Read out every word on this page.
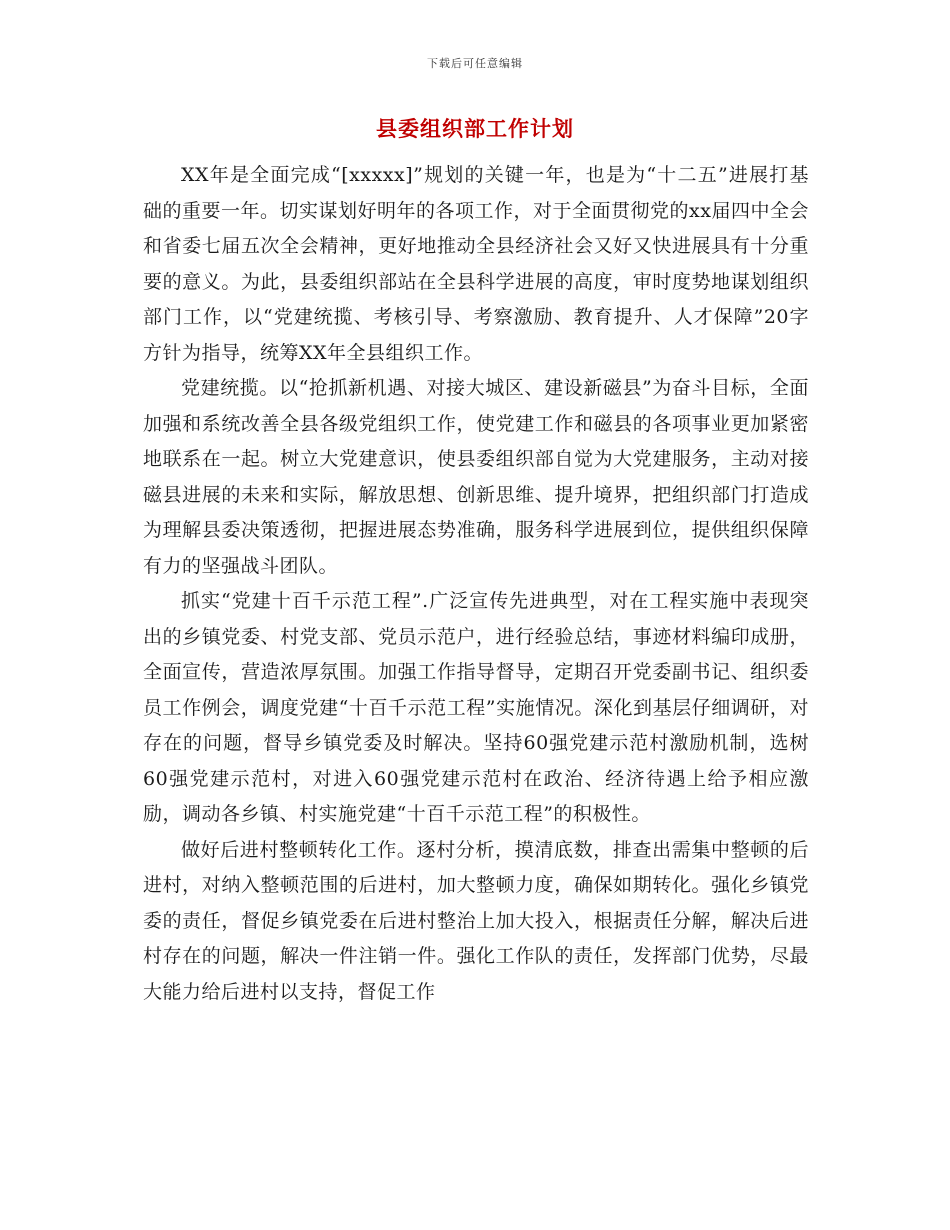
下载后可任意编辑
县委组织部工作计划

XX年是全面完成“[xxxxx]”规划的关键一年，也是为“十二五”进展打基础的重要一年。切实谋划好明年的各项工作，对于全面贯彻党的xx届四中全会和省委七届五次全会精神，更好地推动全县经济社会又好又快进展具有十分重要的意义。为此，县委组织部站在全县科学进展的高度，审时度势地谋划组织部门工作，以“党建统揽、考核引导、考察激励、教育提升、人才保障”20字方针为指导，统筹XX年全县组织工作。

党建统揽。以“抢抓新机遇、对接大城区、建设新磁县”为奋斗目标，全面加强和系统改善全县各级党组织工作，使党建工作和磁县的各项事业更加紧密地联系在一起。树立大党建意识，使县委组织部自觉为大党建服务，主动对接磁县进展的未来和实际，解放思想、创新思维、提升境界，把组织部门打造成为理解县委决策透彻，把握进展态势准确，服务科学进展到位，提供组织保障有力的坚强战斗团队。

抓实“党建十百千示范工程”.广泛宣传先进典型，对在工程实施中表现突出的乡镇党委、村党支部、党员示范户，进行经验总结，事迹材料编印成册，全面宣传，营造浓厚氛围。加强工作指导督导，定期召开党委副书记、组织委员工作例会，调度党建“十百千示范工程”实施情况。深化到基层仔细调研，对存在的问题，督导乡镇党委及时解决。坚持60强党建示范村激励机制，选树60强党建示范村，对进入60强党建示范村在政治、经济待遇上给予相应激励，调动各乡镇、村实施党建“十百千示范工程”的积极性。

做好后进村整顿转化工作。逐村分析，摸清底数，排查出需集中整顿的后进村，对纳入整顿范围的后进村，加大整顿力度，确保如期转化。强化乡镇党委的责任，督促乡镇党委在后进村整治上加大投入，根据责任分解，解决后进村存在的问题，解决一件注销一件。强化工作队的责任，发挥部门优势，尽最大能力给后进村以支持，督促工作
